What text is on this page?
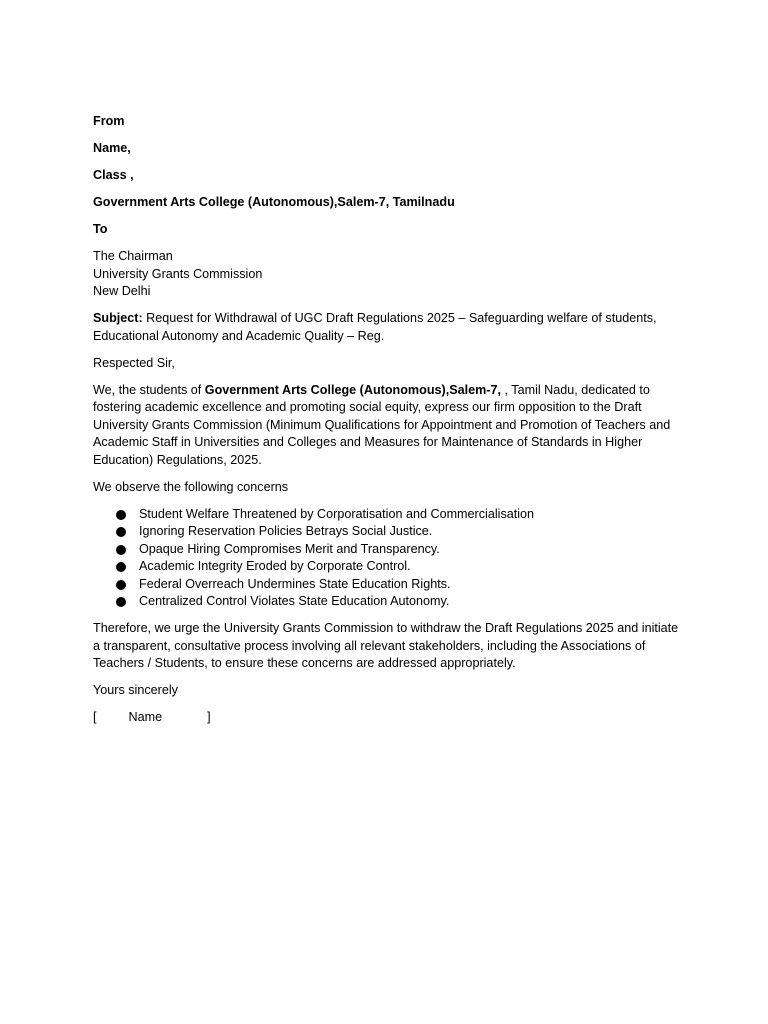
From

Name,

Class ,

Government Arts College (Autonomous),Salem-7, Tamilnadu

To

The Chairman

University Grants Commission

New Delhi

Subject: Request for Withdrawal of UGC Draft Regulations 2025 – Safeguarding welfare of students, Educational Autonomy and Academic Quality – Reg.

Respected Sir,

We, the students of Government Arts College (Autonomous),Salem-7, , Tamil Nadu, dedicated to fostering academic excellence and promoting social equity, express our firm opposition to the Draft University Grants Commission (Minimum Qualifications for Appointment and Promotion of Teachers and Academic Staff in Universities and Colleges and Measures for Maintenance of Standards in Higher Education) Regulations, 2025.

We observe the following concerns

Student Welfare Threatened by Corporatisation and Commercialisation
Ignoring Reservation Policies Betrays Social Justice.
Opaque Hiring Compromises Merit and Transparency.
Academic Integrity Eroded by Corporate Control.
Federal Overreach Undermines State Education Rights.
Centralized Control Violates State Education Autonomy.

Therefore, we urge the University Grants Commission to withdraw the Draft Regulations 2025 and initiate a transparent, consultative process involving all relevant stakeholders, including the Associations of Teachers / Students, to ensure these concerns are addressed appropriately.

Yours sincerely

[	Name	]
